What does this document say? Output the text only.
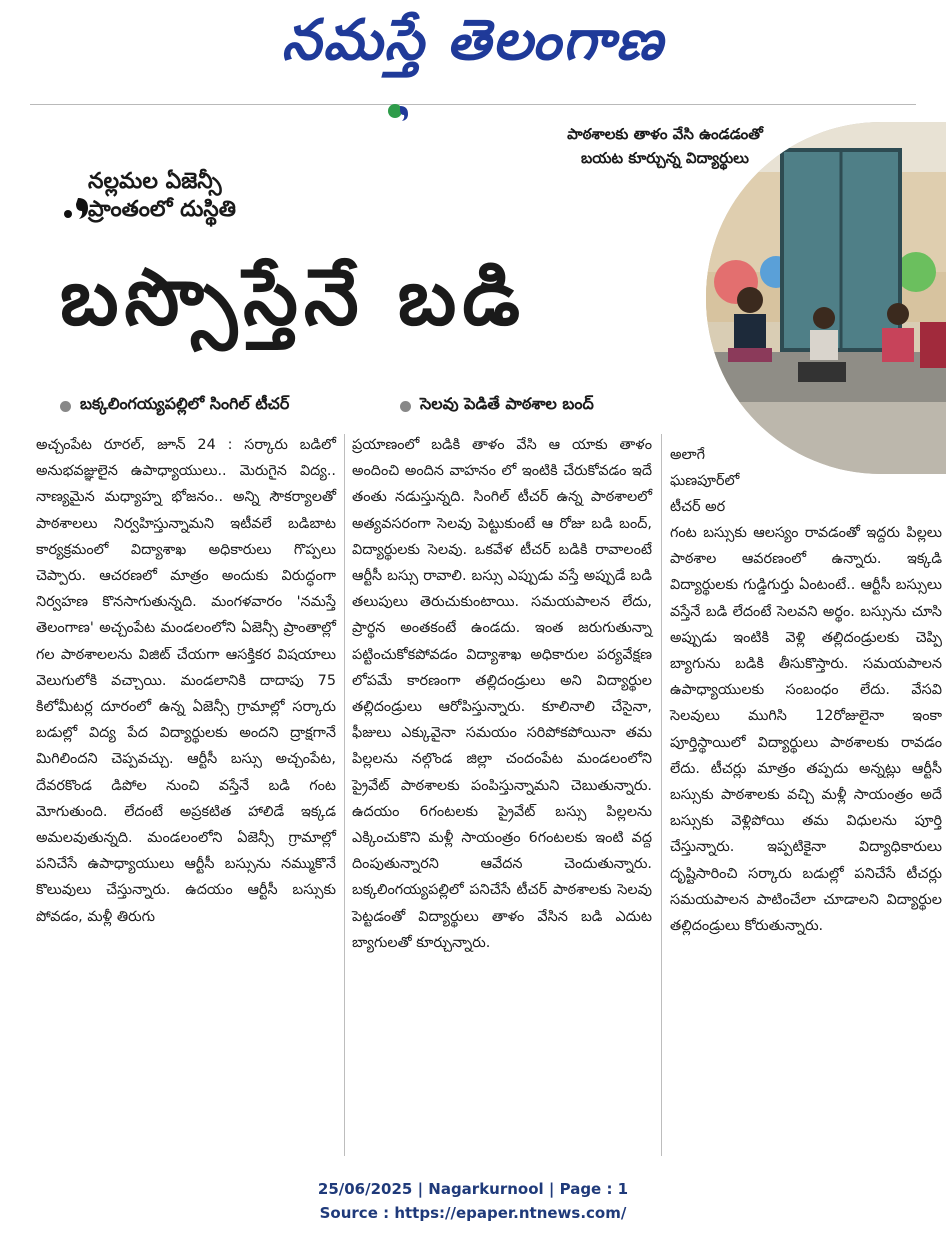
నమస్తే తెలంగాణ
నల్లమల ఏజెన్సీ
ప్రాంతంలో దుస్థితి
బస్సొస్తేనే బడి
పాఠశాలకు తాళం వేసి ఉండడంతో బయట కూర్చున్న విద్యార్థులు
బక్కలింగయ్యపల్లిలో సింగిల్ టీచర్	సెలవు పెడితే పాఠశాల బంద్

అచ్చంపేట రూరల్, జూన్ 24 : సర్కారు బడిలో అనుభవజ్ఞులైన ఉపాధ్యాయులు.. మెరుగైన విద్య.. నాణ్యమైన మధ్యాహ్న భోజనం.. అన్ని సౌకర్యాలతో పాఠశాలలు నిర్వహిస్తున్నామని ఇటీవలే బడిబాట కార్యక్రమంలో విద్యాశాఖ అధికారులు గొప్పలు చెప్పారు. ఆచరణలో మాత్రం అందుకు విరుద్ధంగా నిర్వహణ కొనసాగుతున్నది. మంగళవారం 'నమస్తే తెలంగాణ' అచ్చంపేట మండలంలోని ఏజెన్సీ ప్రాంతాల్లో గల పాఠశాలలను విజిట్ చేయగా ఆసక్తికర విషయాలు వెలుగులోకి వచ్చాయి. మండలానికి దాదాపు 75 కిలోమీటర్ల దూరంలో ఉన్న ఏజెన్సీ గ్రామాల్లో సర్కారు బడుల్లో విద్య పేద విద్యార్థులకు అందని ద్రాక్షగానే మిగిలిందని చెప్పవచ్చు. ఆర్టీసీ బస్సు అచ్చంపేట, దేవరకొండ డిపోల నుంచి వస్తేనే బడి గంట మోగుతుంది. లేదంటే అప్రకటిత హాలిడే ఇక్కడ అమలవుతున్నది. మండలంలోని ఏజెన్సీ గ్రామాల్లో పనిచేసే ఉపాధ్యాయులు ఆర్టీసీ బస్సును నమ్ముకొనే కొలువులు చేస్తున్నారు. ఉదయం ఆర్టీసీ బస్సుకు పోవడం, మళ్లీ తిరుగు

ప్రయాణంలో బడికి తాళం వేసి ఆ యాకు తాళం అందించి అందిన వాహనం లో ఇంటికి చేరుకోవడం ఇదే తంతు నడుస్తున్నది. సింగిల్ టీచర్ ఉన్న పాఠశాలలో అత్యవసరంగా సెలవు పెట్టుకుంటే ఆ రోజు బడి బంద్, విద్యార్థులకు సెలవు. ఒకవేళ టీచర్ బడికి రావాలంటే ఆర్టీసీ బస్సు రావాలి. బస్సు ఎప్పుడు వస్తే అప్పుడే బడి తలుపులు తెరుచుకుంటాయి. సమయపాలన లేదు, ప్రార్థన అంతకంటే ఉండదు. ఇంత జరుగుతున్నా పట్టించుకోకపోవడం విద్యాశాఖ అధికారుల పర్యవేక్షణ లోపమే కారణంగా తల్లిదండ్రులు అని విద్యార్థుల తల్లిదండ్రులు ఆరోపిస్తున్నారు. కూలినాలి చేసైనా, ఫీజులు ఎక్కువైనా సమయం సరిపోకపోయినా తమ పిల్లలను నల్గొండ జిల్లా చందంపేట మండలంలోని ప్రైవేట్ పాఠశాలకు పంపిస్తున్నామని చెబుతున్నారు. ఉదయం 6గంటలకు ప్రైవేట్ బస్సు పిల్లలను ఎక్కించుకొని మళ్లీ సాయంత్రం 6గంటలకు ఇంటి వద్ద దింపుతున్నారని ఆవేదన చెందుతున్నారు. బక్కలింగయ్యపల్లిలో పనిచేసే టీచర్ పాఠశాలకు సెలవు పెట్టడంతో విద్యార్థులు తాళం వేసిన బడి ఎదుట బ్యాగులతో కూర్చున్నారు.

అలాగే ఘణపూర్‌లో టీచర్ అర

గంట బస్సుకు ఆలస్యం రావడంతో ఇద్దరు పిల్లలు పాఠశాల ఆవరణంలో ఉన్నారు. ఇక్కడి విద్యార్థులకు గుడ్డిగుర్తు ఏంటంటే.. ఆర్టీసీ బస్సులు వస్తేనే బడి లేదంటే సెలవని అర్థం. బస్సును చూసి అప్పుడు ఇంటికి వెళ్లి తల్లిదండ్రులకు చెప్పి బ్యాగును బడికి తీసుకొస్తారు. సమయపాలన ఉపాధ్యాయులకు సంబంధం లేదు. వేసవి సెలవులు ముగిసి 12రోజులైనా ఇంకా పూర్తిస్థాయిలో విద్యార్థులు పాఠశాలకు రావడం లేదు. టీచర్లు మాత్రం తప్పదు అన్నట్లు ఆర్టీసీ బస్సుకు పాఠశాలకు వచ్చి మళ్లీ సాయంత్రం అదే బస్సుకు వెళ్లిపోయి తమ విధులను పూర్తి చేస్తున్నారు. ఇప్పటికైనా విద్యాధికారులు దృష్టిసారించి సర్కారు బడుల్లో పనిచేసే టీచర్లు సమయపాలన పాటించేలా చూడాలని విద్యార్థుల తల్లిదండ్రులు కోరుతున్నారు.

25/06/2025 | Nagarkurnool | Page : 1
Source : https://epaper.ntnews.com/
